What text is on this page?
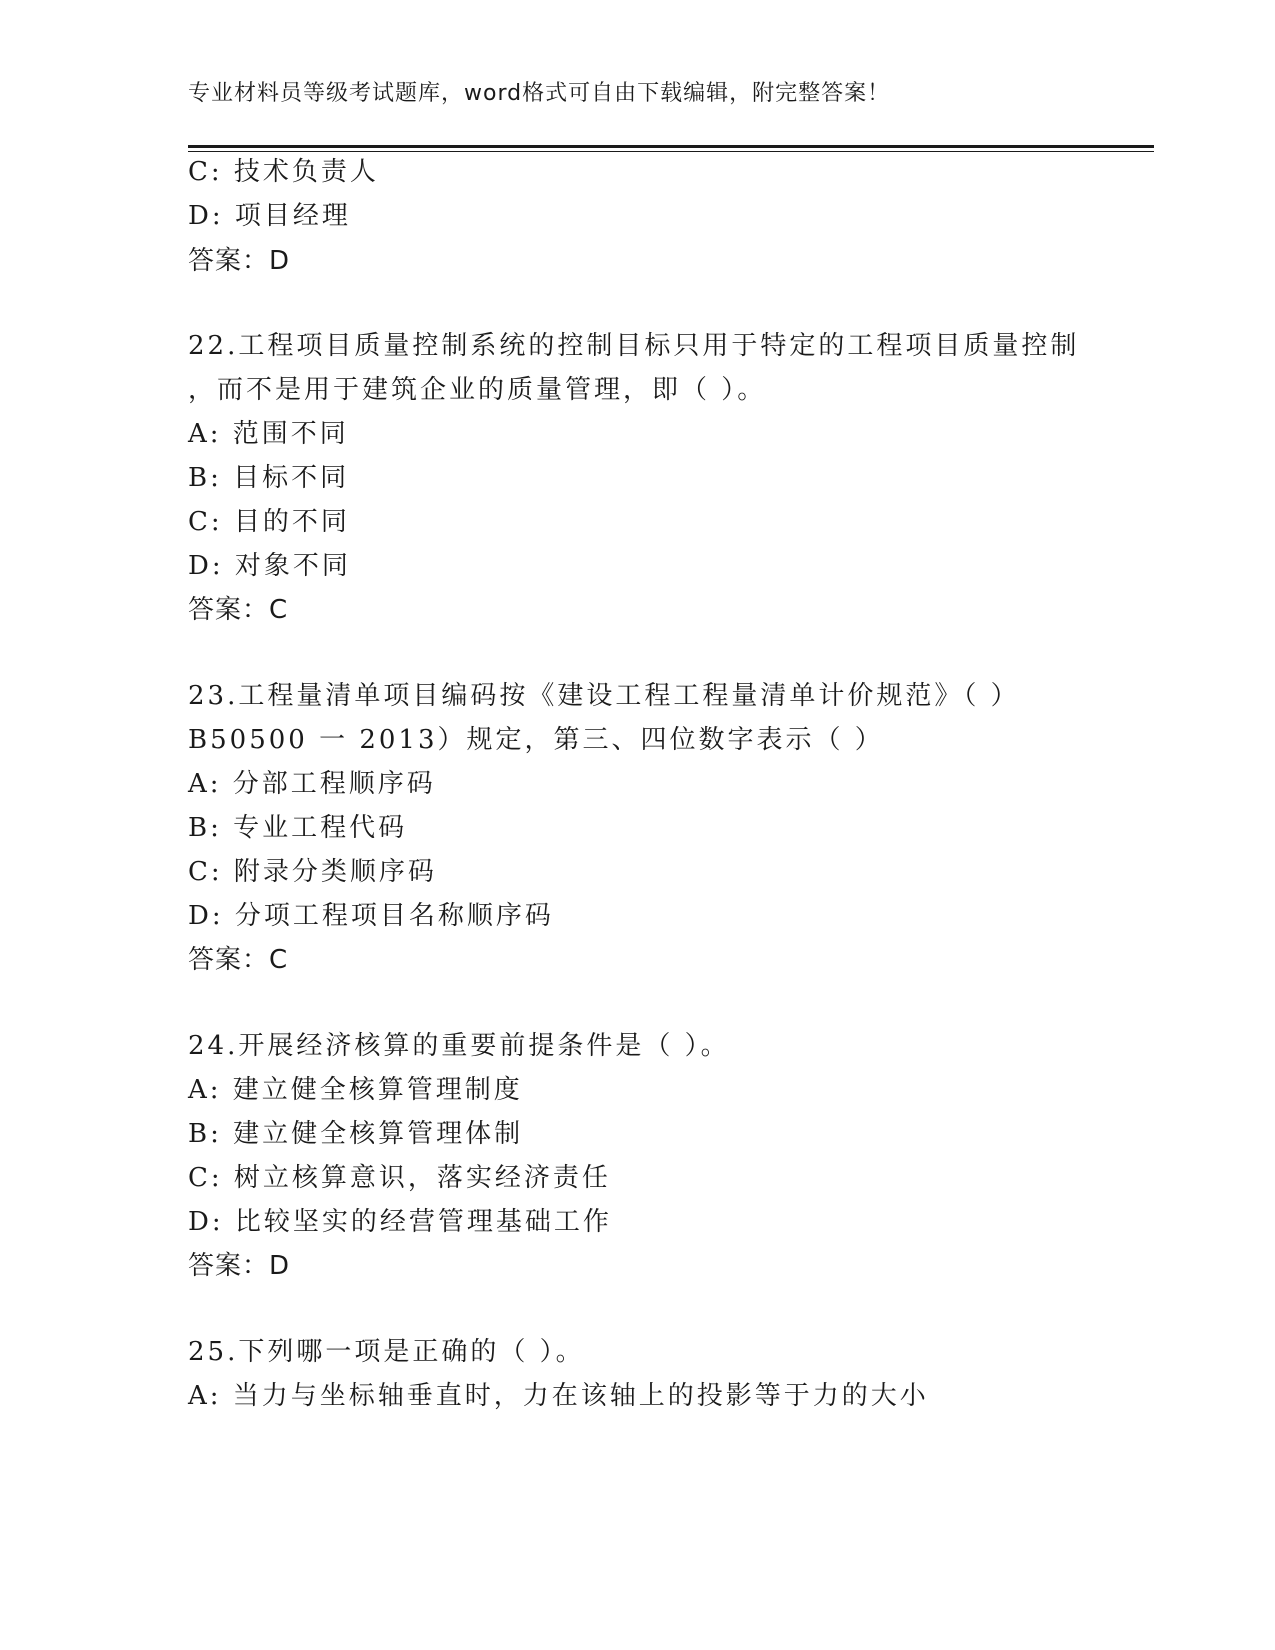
专业材料员等级考试题库，word格式可自由下载编辑，附完整答案！
C: 技术负责人
D: 项目经理
答案：D
22.工程项目质量控制系统的控制目标只用于特定的工程项目质量控制
，而不是用于建筑企业的质量管理，即（ ）。
A: 范围不同
B: 目标不同
C: 目的不同
D: 对象不同
答案：C
23.工程量清单项目编码按《建设工程工程量清单计价规范》（ ）
B50500 一 2013）规定，第三、四位数字表示（ ）
A: 分部工程顺序码
B: 专业工程代码
C: 附录分类顺序码
D: 分项工程项目名称顺序码
答案：C
24.开展经济核算的重要前提条件是（ ）。
A: 建立健全核算管理制度
B: 建立健全核算管理体制
C: 树立核算意识，落实经济责任
D: 比较坚实的经营管理基础工作
答案：D
25.下列哪一项是正确的（ ）。
A: 当力与坐标轴垂直时，力在该轴上的投影等于力的大小
